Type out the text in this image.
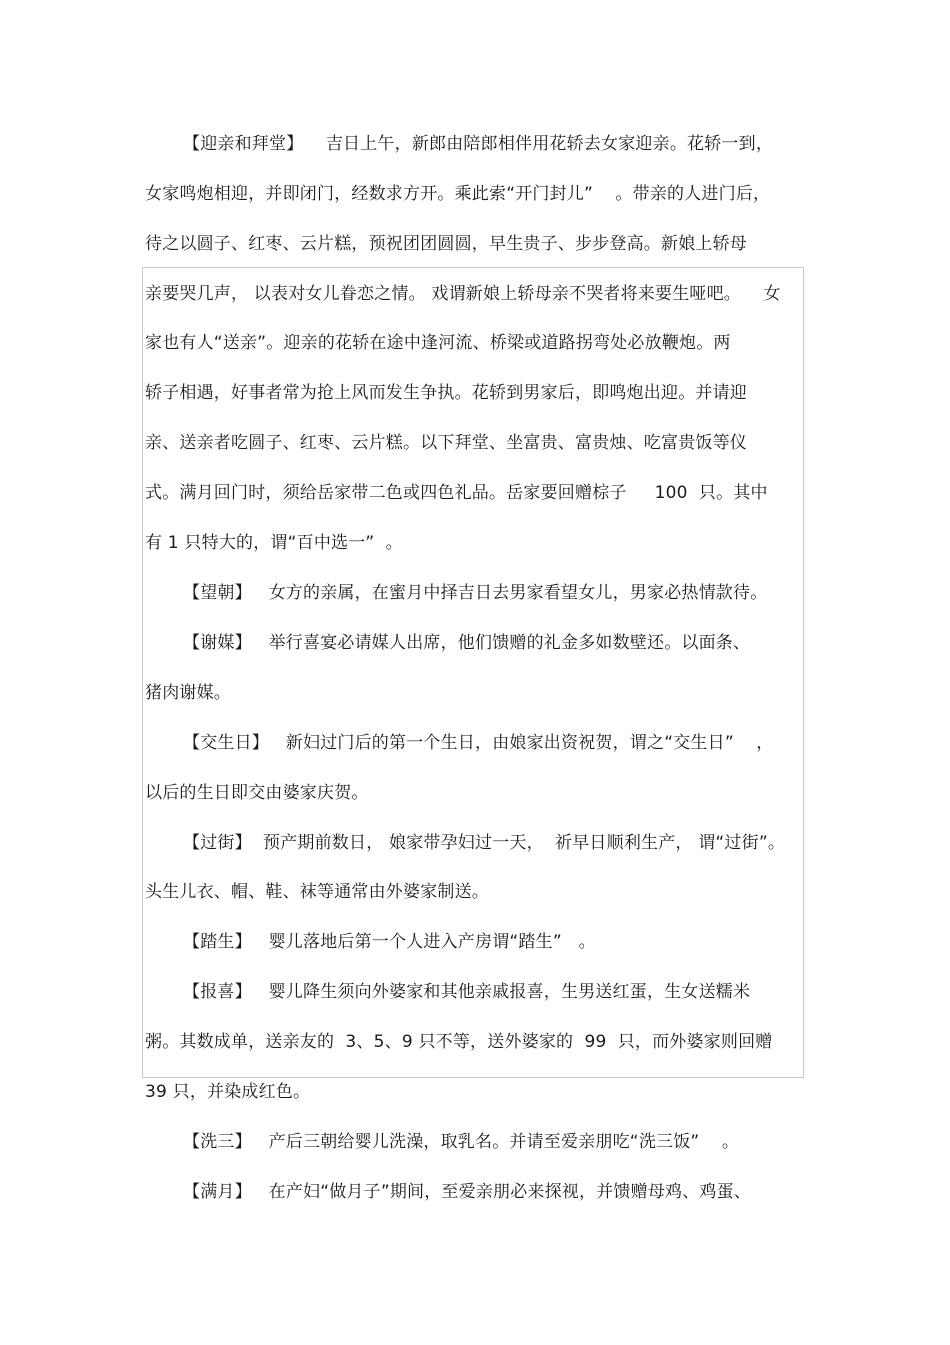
【迎亲和拜堂】    吉日上午，新郎由陪郎相伴用花轿去女家迎亲。花轿一到，
女家鸣炮相迎，并即闭门，经数求方开。乘此索“开门封儿”    。带亲的人进门后，
待之以圆子、红枣、云片糕，预祝团团圆圆，早生贵子、步步登高。新娘上轿母
亲要哭几声， 以表对女儿眷恋之情。 戏谓新娘上轿母亲不哭者将来要生哑吧。    女
家也有人“送亲”。迎亲的花轿在途中逢河流、桥梁或道路拐弯处必放鞭炮。两
轿子相遇，好事者常为抢上风而发生争执。花轿到男家后，即鸣炮出迎。并请迎
亲、送亲者吃圆子、红枣、云片糕。以下拜堂、坐富贵、富贵烛、吃富贵饭等仪
式。满月回门时，须给岳家带二色或四色礼品。岳家要回赠棕子     100  只。其中
有 1 只特大的，谓“百中选一”  。
【望朝】   女方的亲属，在蜜月中择吉日去男家看望女儿，男家必热情款待。
【谢媒】   举行喜宴必请媒人出席，他们馈赠的礼金多如数壁还。以面条、
猪肉谢媒。
【交生日】   新妇过门后的第一个生日，由娘家出资祝贺，谓之“交生日”    ，
以后的生日即交由婆家庆贺。
【过街】  预产期前数日， 娘家带孕妇过一天，  祈早日顺利生产， 谓“过街”。
头生儿衣、帽、鞋、袜等通常由外婆家制送。
【踏生】   婴儿落地后第一个人进入产房谓“踏生”   。
【报喜】   婴儿降生须向外婆家和其他亲戚报喜，生男送红蛋，生女送糯米
粥。其数成单，送亲友的  3、5、9 只不等，送外婆家的  99  只，而外婆家则回赠
39 只，并染成红色。
【洗三】   产后三朝给婴儿洗澡，取乳名。并请至爱亲朋吃“洗三饭”    。
【满月】   在产妇“做月子”期间，至爱亲朋必来探视，并馈赠母鸡、鸡蛋、
